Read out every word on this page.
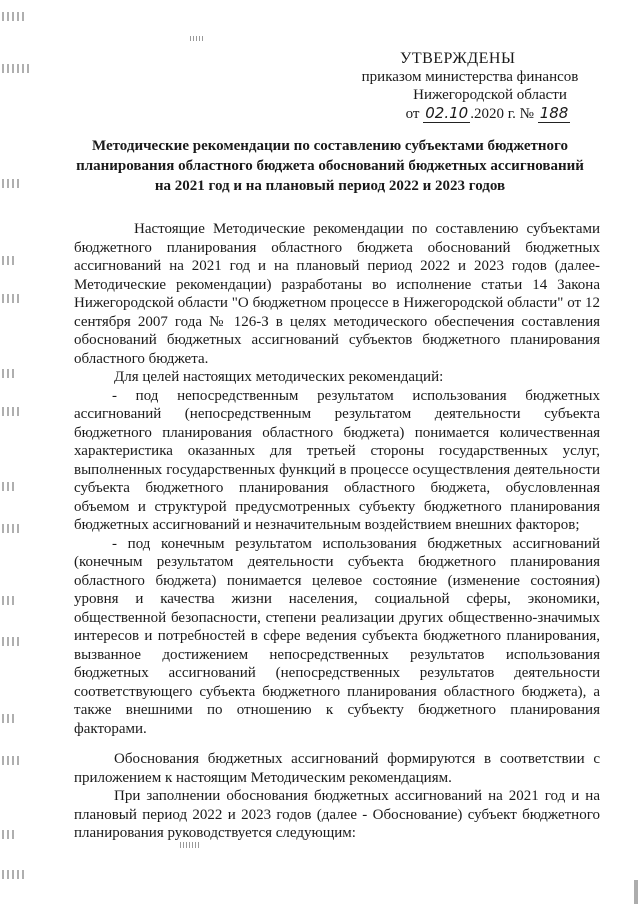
УТВЕРЖДЕНЫ
приказом министерства финансов
Нижегородской области
от 02.10 .2020 г. № 188
Методические рекомендации по составлению субъектами бюджетного
планирования областного бюджета обоснований бюджетных ассигнований
на 2021 год и на плановый период 2022 и 2023 годов

Настоящие Методические рекомендации по составлению субъектами бюджетного планирования областного бюджета обоснований бюджетных ассигнований на 2021 год и на плановый период 2022 и 2023 годов (далее- Методические рекомендации) разработаны во исполнение статьи 14 Закона Нижегородской области "О бюджетном процессе в Нижегородской области" от 12 сентября 2007 года № 126-З в целях методического обеспечения составления обоснований бюджетных ассигнований субъектов бюджетного планирования областного бюджета.

Для целей настоящих методических рекомендаций:

- под непосредственным результатом использования бюджетных ассигнований (непосредственным результатом деятельности субъекта бюджетного планирования областного бюджета) понимается количественная характеристика оказанных для третьей стороны государственных услуг, выполненных государственных функций в процессе осуществления деятельности субъекта бюджетного планирования областного бюджета, обусловленная объемом и структурой предусмотренных субъекту бюджетного планирования бюджетных ассигнований и незначительным воздействием внешних факторов;

- под конечным результатом использования бюджетных ассигнований (конечным результатом деятельности субъекта бюджетного планирования областного бюджета) понимается целевое состояние (изменение состояния) уровня и качества жизни населения, социальной сферы, экономики, общественной безопасности, степени реализации других общественно-значимых интересов и потребностей в сфере ведения субъекта бюджетного планирования, вызванное достижением непосредственных результатов использования бюджетных ассигнований (непосредственных результатов деятельности соответствующего субъекта бюджетного планирования областного бюджета), а также внешними по отношению к субъекту бюджетного планирования факторами.

Обоснования бюджетных ассигнований формируются в соответствии с приложением к настоящим Методическим рекомендациям.

При заполнении обоснования бюджетных ассигнований на 2021 год и на плановый период 2022 и 2023 годов (далее - Обоснование) субъект бюджетного планирования руководствуется следующим:
